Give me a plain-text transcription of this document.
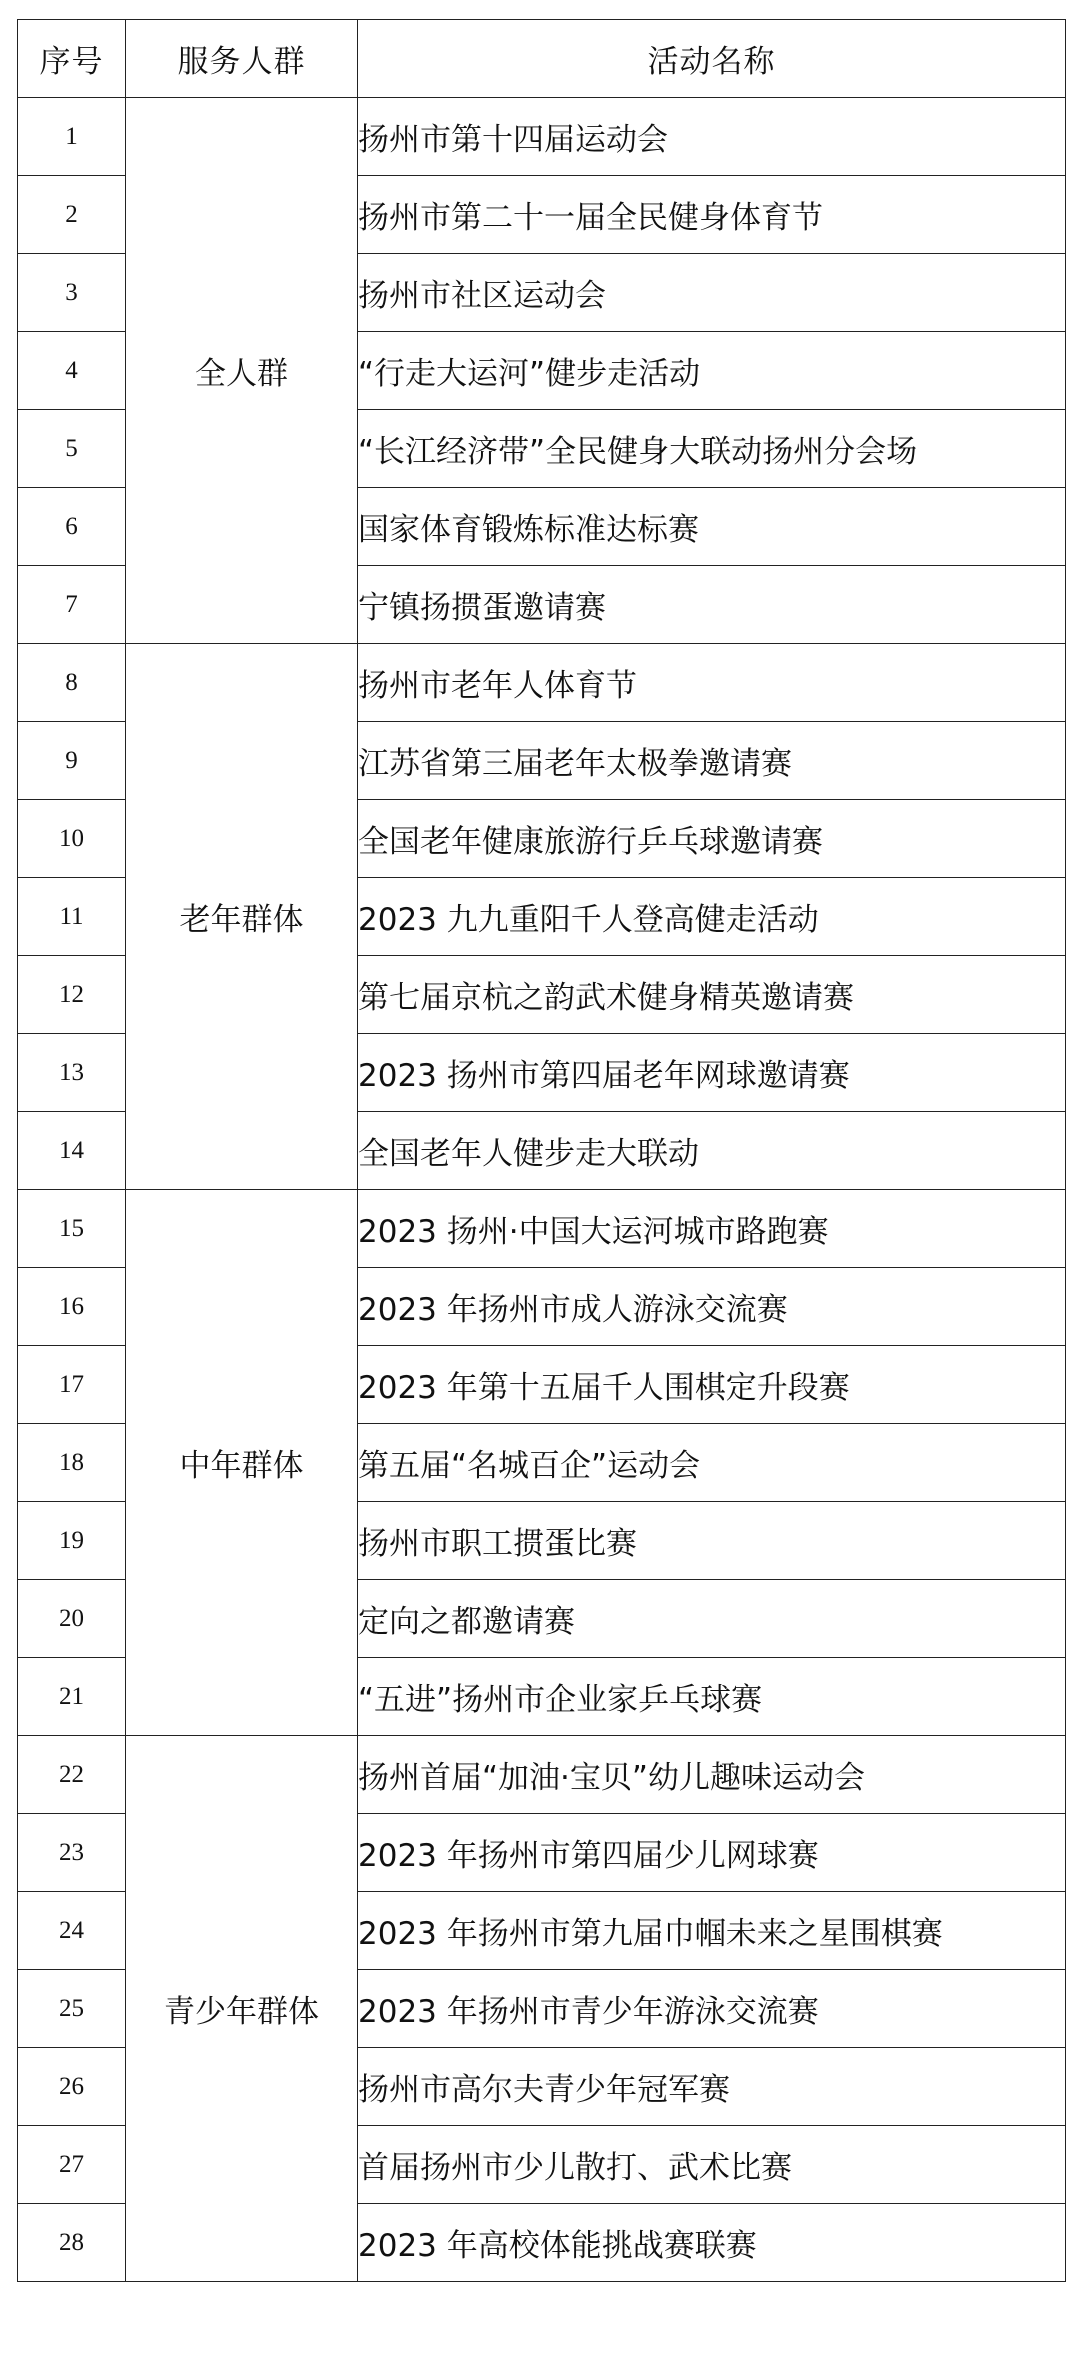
序号	服务人群	活动名称
1	全人群	扬州市第十四届运动会
2		扬州市第二十一届全民健身体育节
3		扬州市社区运动会
4		“行走大运河”健步走活动
5		“长江经济带”全民健身大联动扬州分会场
6		国家体育锻炼标准达标赛
7		宁镇扬掼蛋邀请赛
8	老年群体	扬州市老年人体育节
9		江苏省第三届老年太极拳邀请赛
10		全国老年健康旅游行乒乓球邀请赛
11		2023 九九重阳千人登高健走活动
12		第七届京杭之韵武术健身精英邀请赛
13		2023 扬州市第四届老年网球邀请赛
14		全国老年人健步走大联动
15	中年群体	2023 扬州·中国大运河城市路跑赛
16		2023 年扬州市成人游泳交流赛
17		2023 年第十五届千人围棋定升段赛
18		第五届“名城百企”运动会
19		扬州市职工掼蛋比赛
20		定向之都邀请赛
21		“五进”扬州市企业家乒乓球赛
22	青少年群体	扬州首届“加油·宝贝”幼儿趣味运动会
23		2023 年扬州市第四届少儿网球赛
24		2023 年扬州市第九届巾帼未来之星围棋赛
25		2023 年扬州市青少年游泳交流赛
26		扬州市高尔夫青少年冠军赛
27		首届扬州市少儿散打、武术比赛
28		2023 年高校体能挑战赛联赛
